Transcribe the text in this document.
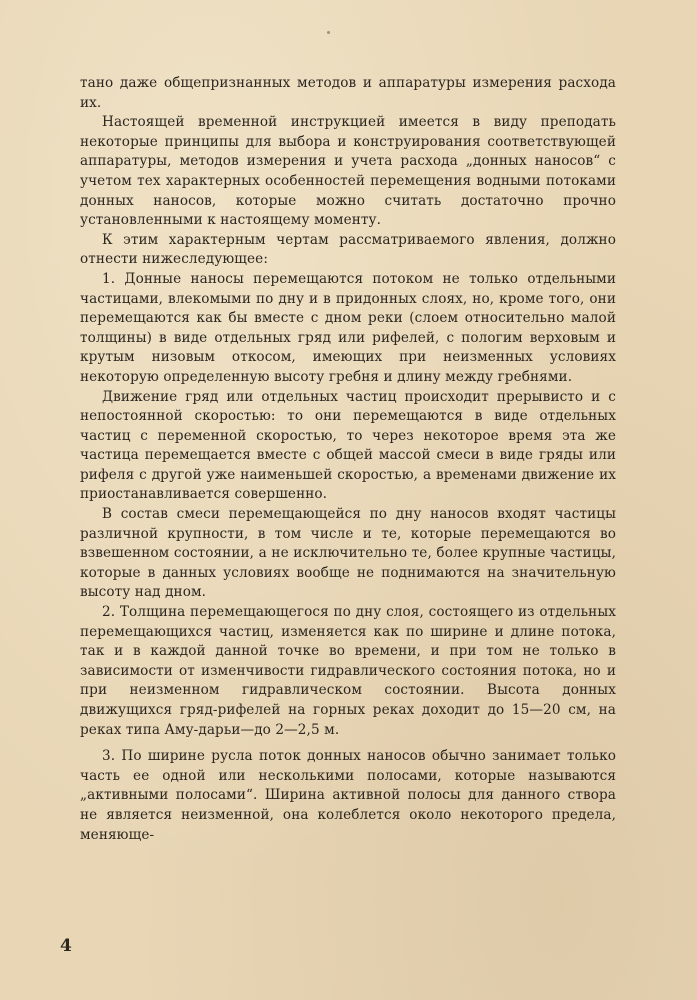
тано даже общепризнанных методов и аппаратуры измерения расхода их.

Настоящей временной инструкцией имеется в виду преподать некоторые принципы для выбора и конструирования соответствующей аппаратуры, методов измерения и учета расхода „донных наносов“ с учетом тех характерных особенностей перемещения водными потоками донных наносов, которые можно считать достаточно прочно установленными к настоящему моменту.

К этим характерным чертам рассматриваемого явления, должно отнести нижеследующее:

1. Донные наносы перемещаются потоком не только отдельными частицами, влекомыми по дну и в придонных слоях, но, кроме того, они перемещаются как бы вместе с дном реки (слоем относительно малой толщины) в виде отдельных гряд или рифелей, с пологим верховым и крутым низовым откосом, имеющих при неизменных условиях некоторую определенную высоту гребня и длину между гребнями.

Движение гряд или отдельных частиц происходит прерывисто и с непостоянной скоростью: то они перемещаются в виде отдельных частиц с переменной скоростью, то через некоторое время эта же частица перемещается вместе с общей массой смеси в виде гряды или рифеля с другой уже наименьшей скоростью, а временами движение их приостанавливается совершенно.

В состав смеси перемещающейся по дну наносов входят частицы различной крупности, в том числе и те, которые перемещаются во взвешенном состоянии, а не исключительно те, более крупные частицы, которые в данных условиях вообще не поднимаются на значительную высоту над дном.

2. Толщина перемещающегося по дну слоя, состоящего из отдельных перемещающихся частиц, изменяется как по ширине и длине потока, так и в каждой данной точке во времени, и при том не только в зависимости от изменчивости гидравлического состояния потока, но и при неизменном гидравлическом состоянии. Высота донных движущихся гряд-рифелей на горных реках доходит до 15—20 см, на реках типа Аму-дарьи—до 2—2,5 м.

3. По ширине русла поток донных наносов обычно занимает только часть ее одной или несколькими полосами, которые называются „активными полосами“. Ширина активной полосы для данного створа не является неизменной, она колеблется около некоторого предела, меняюще-

4
